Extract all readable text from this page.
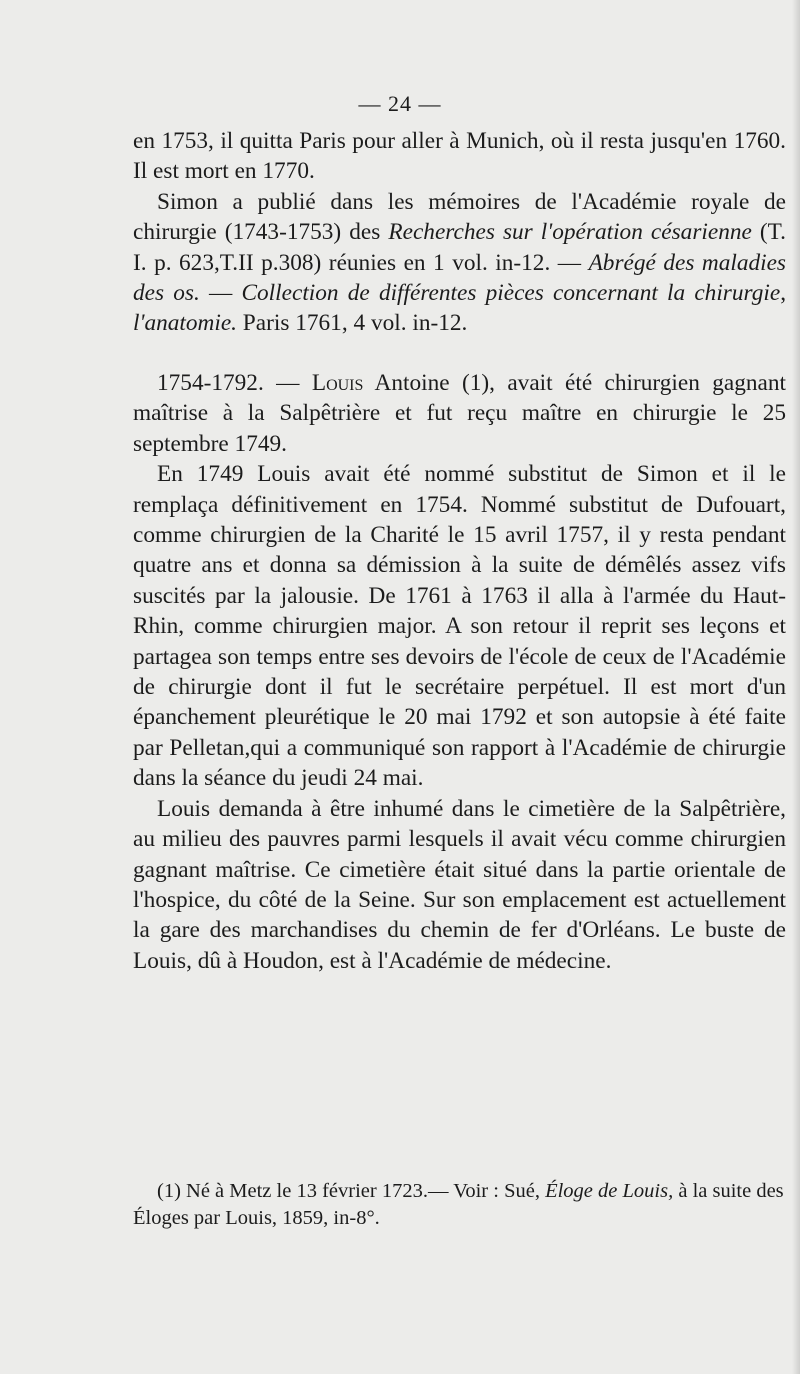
— 24 —

en 1753, il quitta Paris pour aller à Munich, où il resta jusqu'en 1760. Il est mort en 1770.

Simon a publié dans les mémoires de l'Académie royale de chirurgie (1743-1753) des Recherches sur l'opération césarienne (T. I. p. 623,T.II p.308) réunies en 1 vol. in-12. — Abrégé des maladies des os. — Collection de différentes pièces concernant la chirurgie, l'anatomie. Paris 1761, 4 vol. in-12.

1754-1792. — Louis Antoine (1), avait été chirurgien gagnant maîtrise à la Salpêtrière et fut reçu maître en chirurgie le 25 septembre 1749.

En 1749 Louis avait été nommé substitut de Simon et il le remplaça définitivement en 1754. Nommé substitut de Dufouart, comme chirurgien de la Charité le 15 avril 1757, il y resta pendant quatre ans et donna sa démission à la suite de démêlés assez vifs suscités par la jalousie. De 1761 à 1763 il alla à l'armée du Haut-Rhin, comme chirurgien major. A son retour il reprit ses leçons et partagea son temps entre ses devoirs de l'école de ceux de l'Académie de chirurgie dont il fut le secrétaire perpétuel. Il est mort d'un épanchement pleurétique le 20 mai 1792 et son autopsie à été faite par Pelletan,qui a communiqué son rapport à l'Académie de chirurgie dans la séance du jeudi 24 mai.

Louis demanda à être inhumé dans le cimetière de la Salpêtrière, au milieu des pauvres parmi lesquels il avait vécu comme chirurgien gagnant maîtrise. Ce cimetière était situé dans la partie orientale de l'hospice, du côté de la Seine. Sur son emplacement est actuellement la gare des marchandises du chemin de fer d'Orléans. Le buste de Louis, dû à Houdon, est à l'Académie de médecine.

(1) Né à Metz le 13 février 1723.— Voir : Sué, Éloge de Louis, à la suite des Éloges par Louis, 1859, in-8°.
